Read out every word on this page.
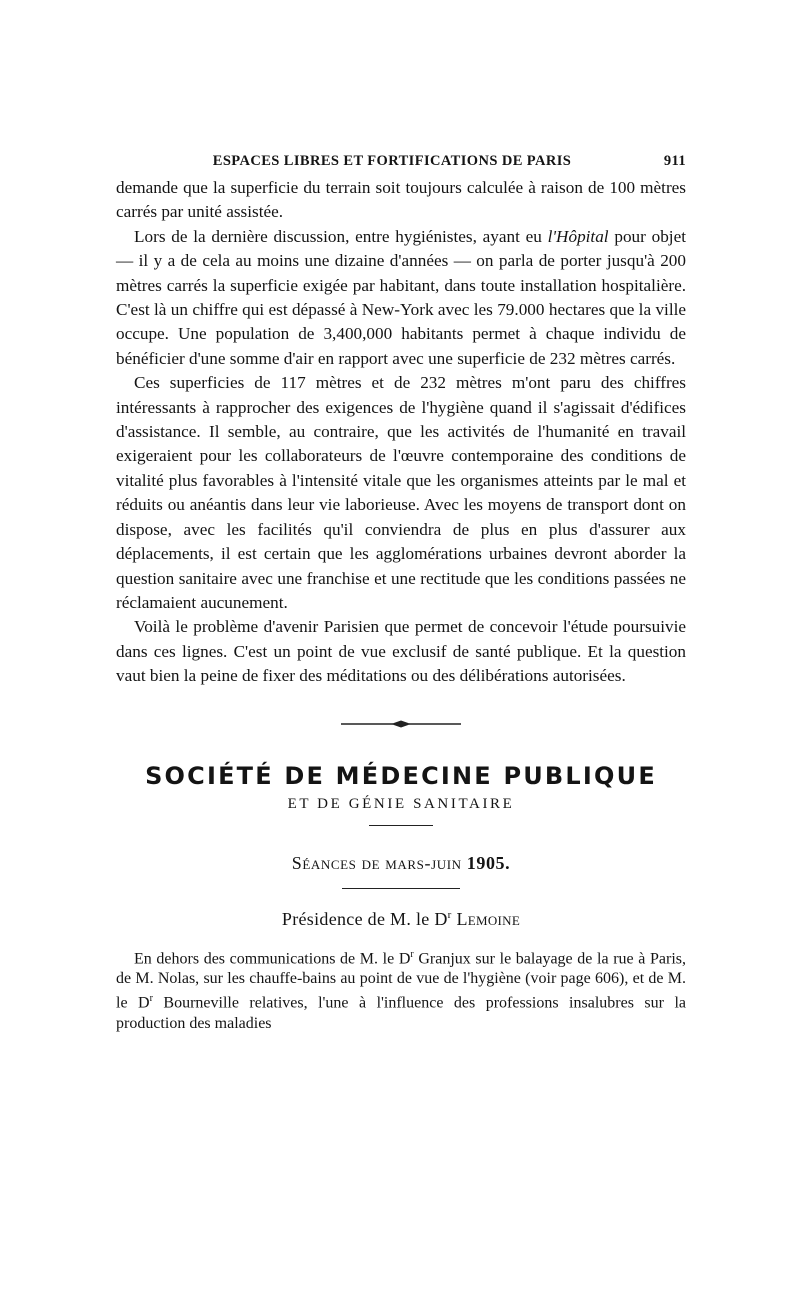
ESPACES LIBRES ET FORTIFICATIONS DE PARIS	911

demande que la superficie du terrain soit toujours calculée à raison de 100 mètres carrés par unité assistée.

Lors de la dernière discussion, entre hygiénistes, ayant eu l'Hôpital pour objet — il y a de cela au moins une dizaine d'années — on parla de porter jusqu'à 200 mètres carrés la superficie exigée par habitant, dans toute installation hospitalière. C'est là un chiffre qui est dépassé à New-York avec les 79.000 hectares que la ville occupe. Une population de 3,400,000 habitants permet à chaque individu de bénéficier d'une somme d'air en rapport avec une superficie de 232 mètres carrés.

Ces superficies de 117 mètres et de 232 mètres m'ont paru des chiffres intéressants à rapprocher des exigences de l'hygiène quand il s'agissait d'édifices d'assistance. Il semble, au contraire, que les activités de l'humanité en travail exigeraient pour les collaborateurs de l'œuvre contemporaine des conditions de vitalité plus favorables à l'intensité vitale que les organismes atteints par le mal et réduits ou anéantis dans leur vie laborieuse. Avec les moyens de transport dont on dispose, avec les facilités qu'il conviendra de plus en plus d'assurer aux déplacements, il est certain que les agglomérations urbaines devront aborder la question sanitaire avec une franchise et une rectitude que les conditions passées ne réclamaient aucunement.

Voilà le problème d'avenir Parisien que permet de concevoir l'étude poursuivie dans ces lignes. C'est un point de vue exclusif de santé publique. Et la question vaut bien la peine de fixer des méditations ou des délibérations autorisées.

SOCIÉTÉ DE MÉDECINE PUBLIQUE
ET DE GÉNIE SANITAIRE
Séances de mars-juin 1905.
Présidence de M. le $D^r$ Lemoine

En dehors des communications de M. le $D^r$ Granjux sur le balayage de la rue à Paris, de M. Nolas, sur les chauffe-bains au point de vue de l'hygiène (voir page 606), et de M. le $D^r$ Bourneville relatives, l'une à l'influence des professions insalubres sur la production des maladies
